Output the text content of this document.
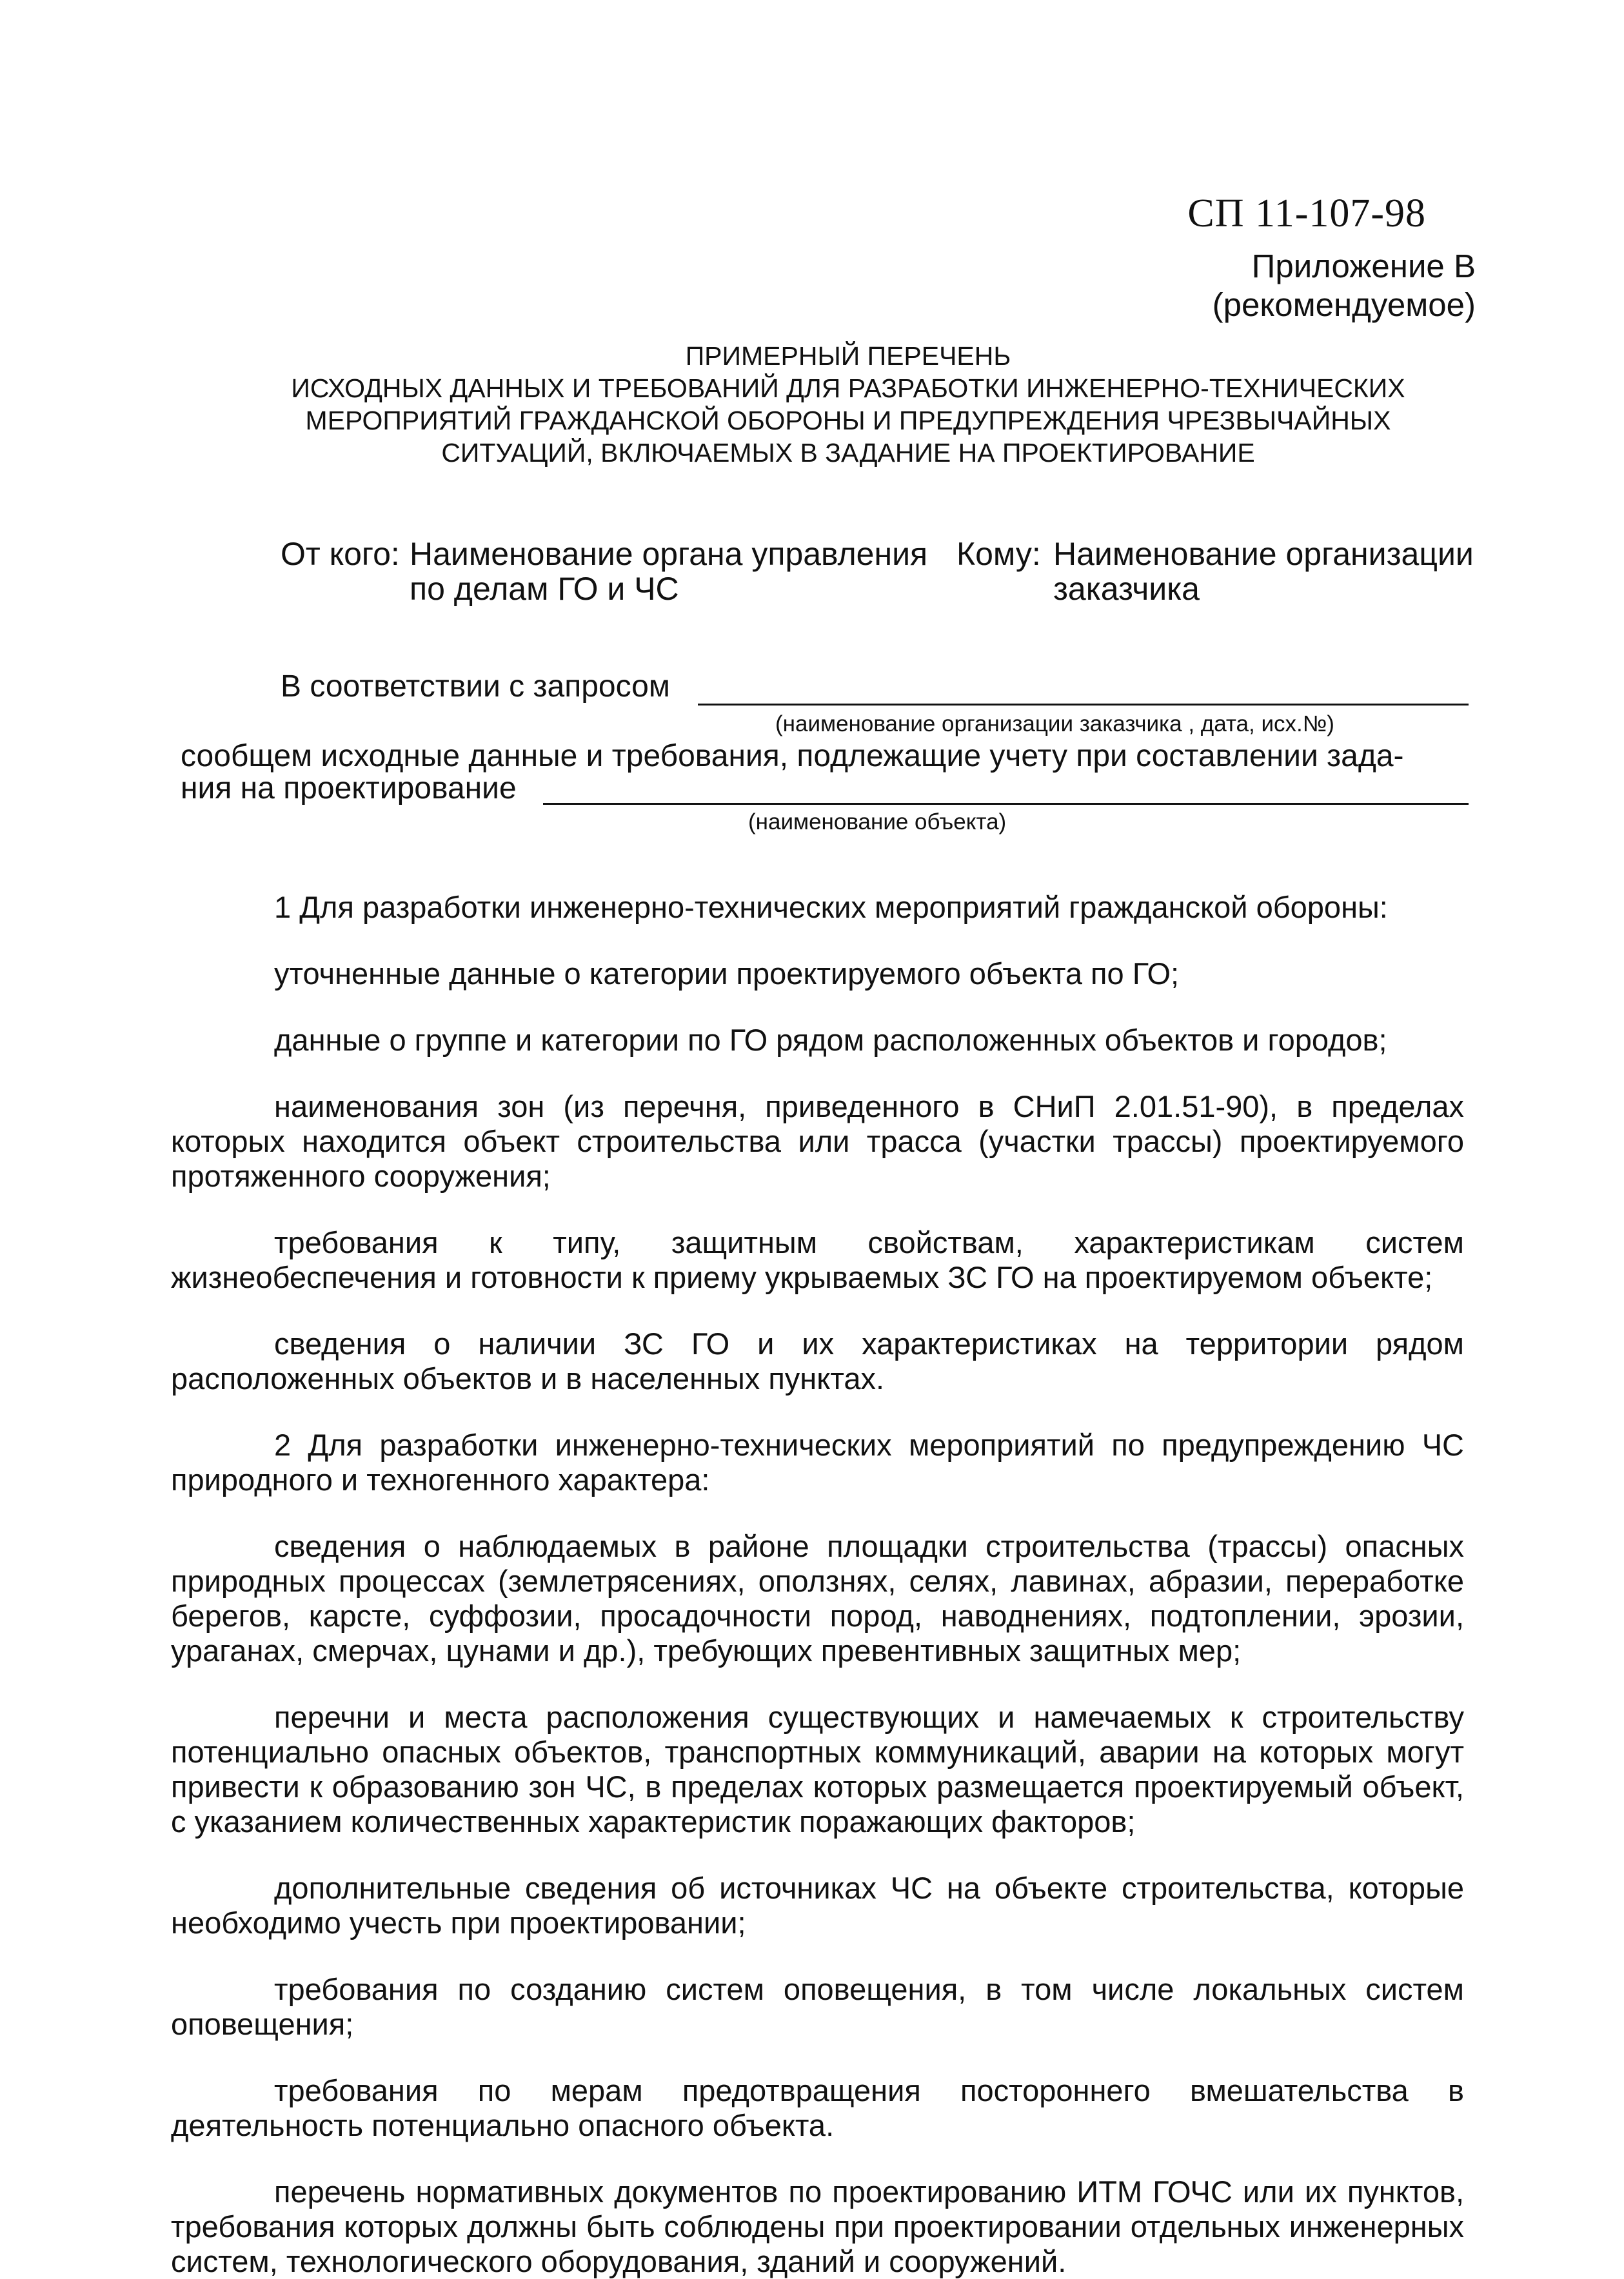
СП 11-107-98
Приложение В
(рекомендуемое)
ПРИМЕРНЫЙ ПЕРЕЧЕНЬ
ИСХОДНЫХ ДАННЫХ И ТРЕБОВАНИЙ ДЛЯ РАЗРАБОТКИ ИНЖЕНЕРНО-ТЕХНИЧЕСКИХ
МЕРОПРИЯТИЙ ГРАЖДАНСКОЙ ОБОРОНЫ И ПРЕДУПРЕЖДЕНИЯ ЧРЕЗВЫЧАЙНЫХ
СИТУАЦИЙ, ВКЛЮЧАЕМЫХ В ЗАДАНИЕ НА ПРОЕКТИРОВАНИЕ
От кого: Наименование органа управления Кому: Наименование организации
по делам ГО и ЧС	заказчика
В соответствии с запросом
(наименование организации заказчика , дата, исх.№)
сообщем исходные данныe и требования, подлежащие учету при составлении зада-
ния на проектирование
(наименование объекта)

1 Для разработки инженерно-технических мероприятий гражданской обороны:

уточненные данные о категории проектируемого объекта по ГО;

данные о группе и категории по ГО рядом расположенных объектов и городов;

наименования зон (из перечня, приведенного в СНиП 2.01.51-90), в пределах которых находится объект строительства или трасса (участки трассы) проектируемого протяженного сооружения;

требования к типу, защитным свойствам, характеристикам систем жизнеобеспечения и готовности к приему укрываемых ЗС ГО на проектируемом объекте;

сведения о наличии ЗС ГО и их характеристиках на территории рядом расположенных объектов и в населенных пунктах.

2 Для разработки инженерно-технических мероприятий по предупреждению ЧС природного и техногенного характера:

сведения о наблюдаемых в районе площадки строительства (трассы) опасных природных процессах (землетрясениях, оползнях, селях, лавинах, абразии, переработке берегов, карсте, суффозии, просадочности пород, наводнениях, подтоплении, эрозии, ураганах, смерчах, цунами и др.), требующих превентивных защитных мер;

перечни и места расположения существующих и намечаемых к строительству потенциально опасных объектов, транспортных коммуникаций, аварии на которых могут привести к образованию зон ЧС, в пределах которых размещается проектируемый объект, с указанием количественных характеристик поражающих факторов;

дополнительные сведения об источниках ЧС на объекте строительства, которые необходимо учесть при проектировании;

требования по созданию систем оповещения, в том числе локальных систем оповещения;

требования по мерам предотвращения постороннего вмешательства в деятельность потенциально опасного объекта.

перечень нормативных документов по проектированию ИТМ ГОЧС или их пунктов, требования которых должны быть соблюдены при проектировании отдельных инженерных систем, технологического оборудования, зданий и сооружений.
